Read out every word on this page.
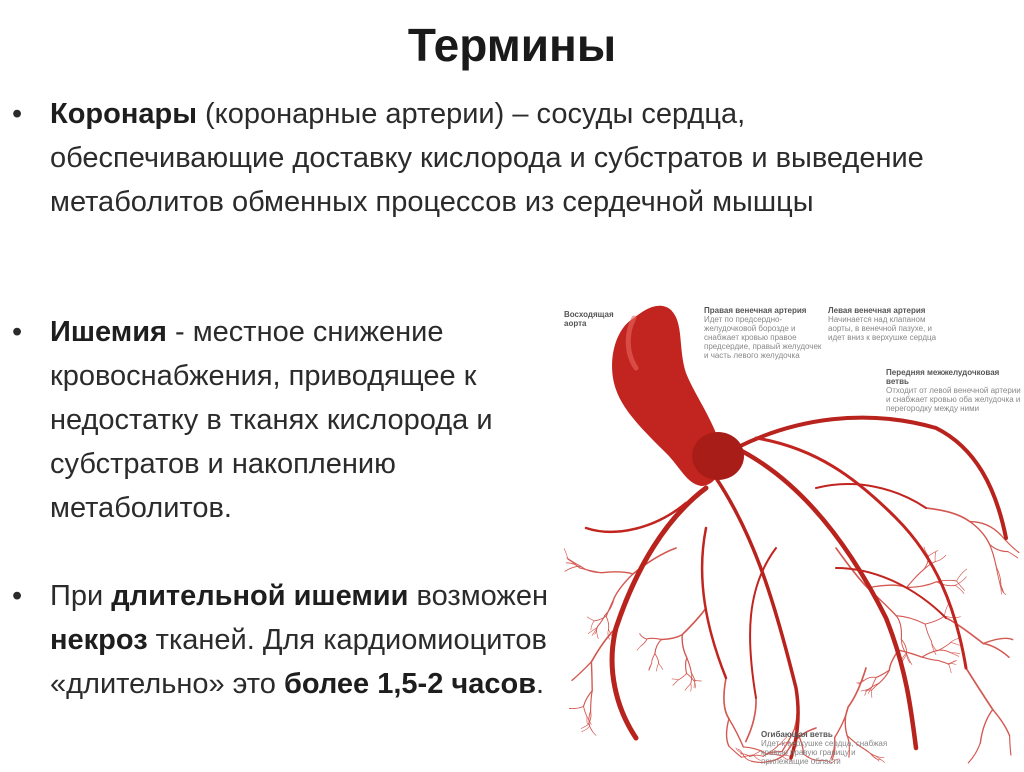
Термины

• Коронары (коронарные артерии) – сосуды сердца, обеспечивающие доставку кислорода и субстратов и выведение метаболитов обменных процессов из сердечной мышцы

• Ишемия - местное снижение кровоснабжения, приводящее к недостатку в тканях кислорода и субстратов и накоплению метаболитов.

• При длительной ишемии возможен некроз тканей. Для кардиомиоцитов «длительно» это более 1,5-2 часов.

Восходящая аорта
Правая венечная артерия
Идет по предсердно-желудочковой борозде и снабжает кровью правое предсердие, правый желудочек и часть левого желудочка
Левая венечная артерия
Начинается над клапаном аорты, в венечной пазухе, и идет вниз к верхушке сердца
Передняя межжелудочковая ветвь
Отходит от левой венечной артерии и снабжает кровью оба желудочка и перегородку между ними
Огибающая ветвь
Идет к верхушке сердца, снабжая кровью правую границу и прилежащие области
